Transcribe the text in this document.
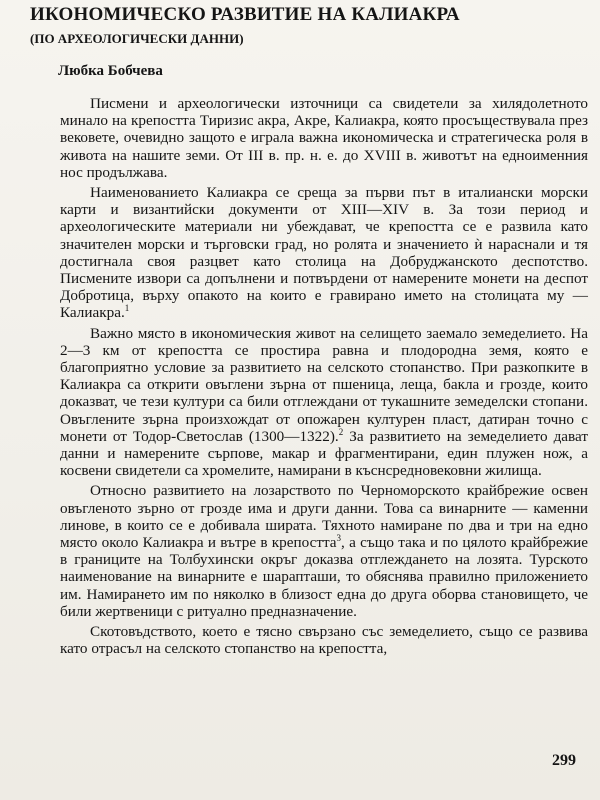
ИКОНОМИЧЕСКО РАЗВИТИЕ НА КАЛИАКРА
(ПО АРХЕОЛОГИЧЕСКИ ДАННИ)
Любка Бобчева

Писмени и археологически източници са свидетели за хилядолетното минало на крепостта Тиризис акра, Акре, Калиакра, която просъществувала през вековете, очевидно защото е играла важна икономическа и стратегическа роля в живота на нашите земи. От III в. пр. н. е. до XVIII в. животът на едноименния нос продължава.

Наименованието Калиакра се среща за първи път в италиански морски карти и византийски документи от XIII—XIV в. За този период и археологическите материали ни убеждават, че крепостта се е развила като значителен морски и търговски град, но ролята и значението ѝ нараснали и тя достигнала своя разцвет като столица на Добруджанското деспотство. Писмените извори са допълнени и потвърдени от намерените монети на деспот Добротица, върху опакото на които е гравирано името на столицата му — Калиакра.$^1$

Важно място в икономическия живот на селището заемало земеделието. На 2—3 км от крепостта се простира равна и плодородна земя, която е благоприятно условие за развитието на селското стопанство. При разкопките в Калиакра са открити овъглени зърна от пшеница, леща, бакла и грозде, които доказват, че тези култури са били отглеждани от тукашните земеделски стопани. Овъглените зърна произхождат от опожарен културен пласт, датиран точно с монети от Тодор-Светослав (1300—1322).$^2$ За развитието на земеделието дават данни и намерените сърпове, макар и фрагментирани, един плужен нож, а косвени свидетели са хромелите, намирани в къснсредновековни жилища.

Относно развитието на лозарството по Черноморското крайбрежие освен овъгленото зърно от грозде има и други данни. Това са винарните — каменни линове, в които се е добивала ширата. Тяхното намиране по два и три на едно място около Калиакра и вътре в крепостта$^3$, а също така и по цялото крайбрежие в границите на Толбухински окръг доказва отглеждането на лозята. Турското наименование на винарните е шарапташи, то обяснява правилно приложението им. Намирането им по няколко в близост една до друга оборва становището, че били жертвеници с ритуално предназначение.

Скотовъдството, което е тясно свързано със земеделието, също се развива като отрасъл на селското стопанство на крепостта,

299
